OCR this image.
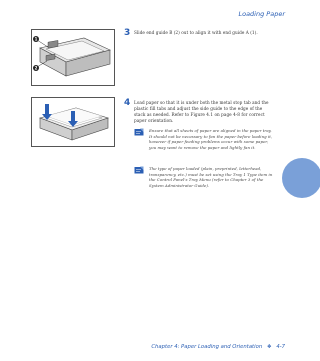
Loading Paper
1
2
3 Slide end guide B (2) out to align it with end guide A (1).
4 Load paper so that it is under both the metal stop tab and the plastic fill tabs and adjust the side guide to the edge of the stack as needed. Refer to Figure 4.1 on page 4-8 for correct paper orientation.
Ensure that all sheets of paper are aligned in the paper tray. It should not be necessary to fan the paper before loading it, however if paper feeding problems occur with some paper, you may want to remove the paper and lightly fan it.
The type of paper loaded (plain, preprinted, letterhead, transparency, etc.) must be set using the Tray 1 Type item in the Control Panel's Tray Menu (refer to Chapter 3 of the System Administrator Guide).
Chapter 4: Paper Loading and Orientation ❖ 4-7
